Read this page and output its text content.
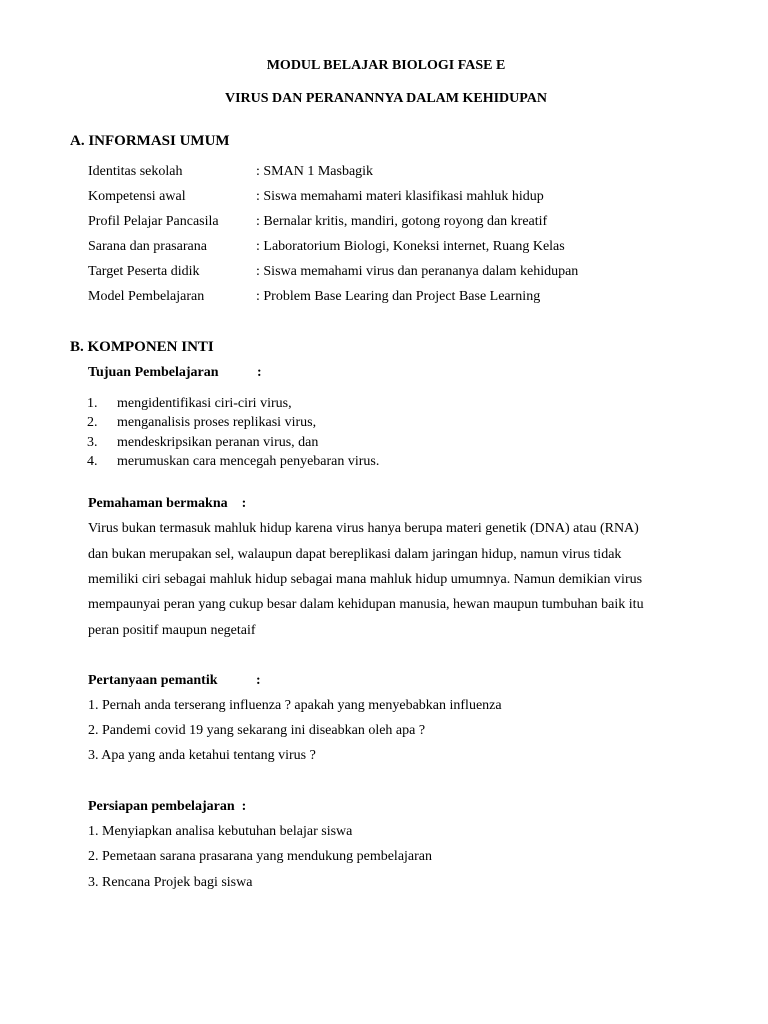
MODUL BELAJAR BIOLOGI FASE E
VIRUS DAN PERANANNYA DALAM KEHIDUPAN
A. INFORMASI UMUM
Identitas sekolah	: SMAN 1 Masbagik
Kompetensi awal	: Siswa memahami materi klasifikasi mahluk hidup
Profil Pelajar Pancasila	: Bernalar kritis, mandiri, gotong royong dan kreatif
Sarana dan prasarana	: Laboratorium Biologi, Koneksi internet, Ruang Kelas
Target Peserta didik	: Siswa memahami virus dan perananya dalam kehidupan
Model Pembelajaran	: Problem Base Learing dan Project Base Learning
B. KOMPONEN INTI
Tujuan Pembelajaran	:
1. mengidentifikasi ciri-ciri virus,
2. menganalisis proses replikasi virus,
3. mendeskripsikan peranan virus, dan
4. merumuskan cara mencegah penyebaran virus.
Pemahaman bermakna    :
Virus bukan termasuk mahluk hidup karena virus hanya berupa materi genetik (DNA) atau (RNA)
dan bukan merupakan sel, walaupun dapat bereplikasi dalam jaringan hidup, namun virus tidak
memiliki ciri sebagai mahluk hidup sebagai mana mahluk hidup umumnya. Namun demikian virus
mempaunyai peran yang cukup besar dalam kehidupan manusia, hewan maupun tumbuhan baik itu
peran positif maupun negetaif
Pertanyaan pemantik	:
1. Pernah anda terserang influenza ? apakah yang menyebabkan influenza
2. Pandemi covid 19 yang sekarang ini diseabkan oleh apa ?
3. Apa yang anda ketahui tentang virus ?
Persiapan pembelajaran  :
1. Menyiapkan analisa kebutuhan belajar siswa
2. Pemetaan sarana prasarana yang mendukung pembelajaran
3. Rencana Projek bagi siswa
